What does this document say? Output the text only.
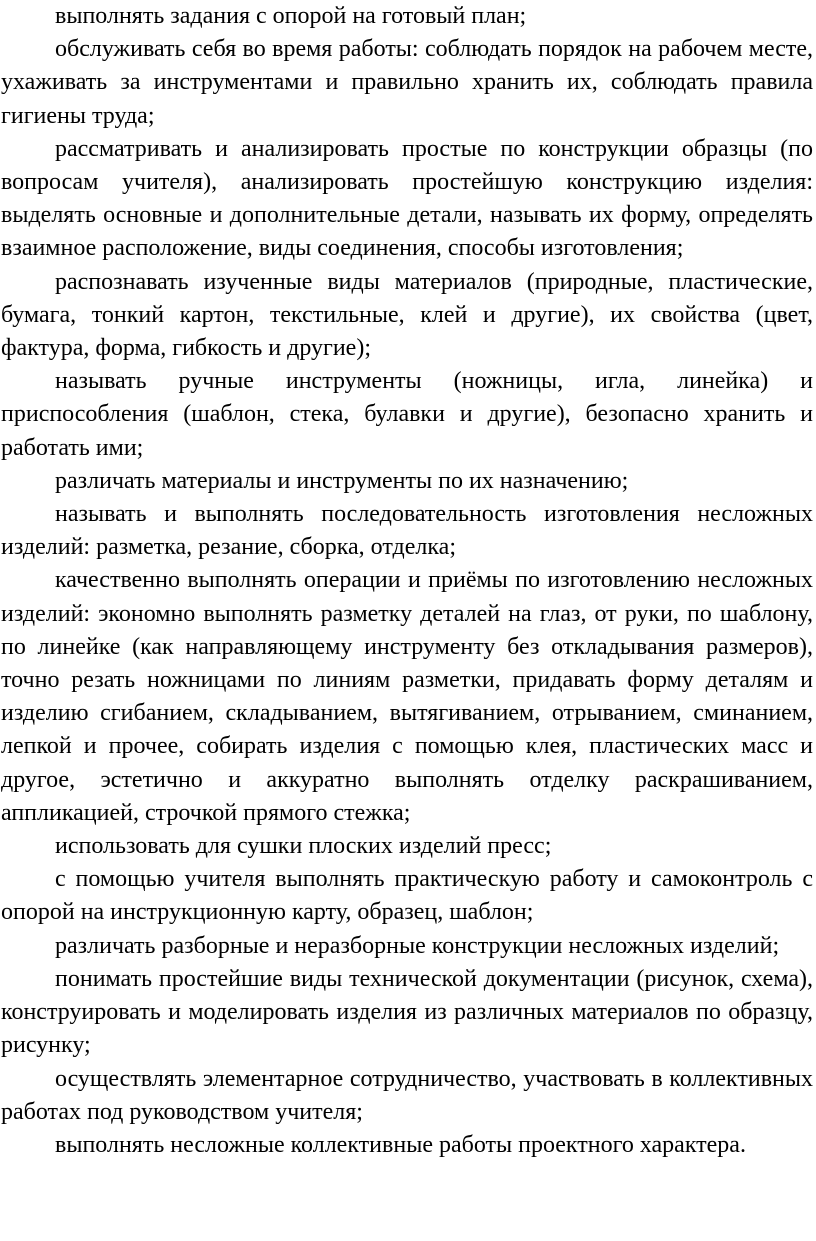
выполнять задания с опорой на готовый план;

обслуживать себя во время работы: соблюдать порядок на рабочем месте, ухаживать за инструментами и правильно хранить их, соблюдать правила гигиены труда;

рассматривать и анализировать простые по конструкции образцы (по вопросам учителя), анализировать простейшую конструкцию изделия: выделять основные и дополнительные детали, называть их форму, определять взаимное расположение, виды соединения, способы изготовления;

распознавать изученные виды материалов (природные, пластические, бумага, тонкий картон, текстильные, клей и другие), их свойства (цвет, фактура, форма, гибкость и другие);

называть ручные инструменты (ножницы, игла, линейка) и приспособления (шаблон, стека, булавки и другие), безопасно хранить и работать ими;

различать материалы и инструменты по их назначению;

называть и выполнять последовательность изготовления несложных изделий: разметка, резание, сборка, отделка;

качественно выполнять операции и приёмы по изготовлению несложных изделий: экономно выполнять разметку деталей на глаз, от руки, по шаблону, по линейке (как направляющему инструменту без откладывания размеров), точно резать ножницами по линиям разметки, придавать форму деталям и изделию сгибанием, складыванием, вытягиванием, отрыванием, сминанием, лепкой и прочее, собирать изделия с помощью клея, пластических масс и другое, эстетично и аккуратно выполнять отделку раскрашиванием, аппликацией, строчкой прямого стежка;

использовать для сушки плоских изделий пресс;

с помощью учителя выполнять практическую работу и самоконтроль с опорой на инструкционную карту, образец, шаблон;

различать разборные и неразборные конструкции несложных изделий;

понимать простейшие виды технической документации (рисунок, схема), конструировать и моделировать изделия из различных материалов по образцу, рисунку;

осуществлять элементарное сотрудничество, участвовать в коллективных работах под руководством учителя;

выполнять несложные коллективные работы проектного характера.
